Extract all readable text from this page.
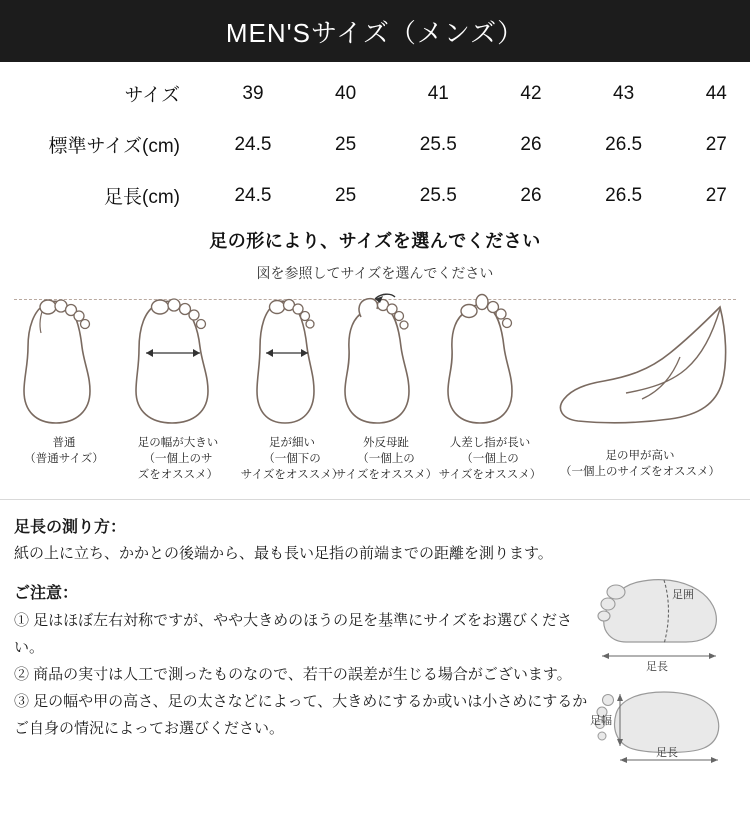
MEN'Sサイズ（メンズ）
サイズ	39	40	41	42	43	44
標準サイズ(cm)	24.5	25	25.5	26	26.5	27
足長(cm)	24.5	25	25.5	26	26.5	27
足の形により、サイズを選んでください
図を参照してサイズを選んでください
普通
（普通サイズ）
足の幅が大きい
（一個上のサ
ズをオススメ）
足が細い
（一個下の
サイズをオススメ）
外反母趾
（一個上の
サイズをオススメ）
人差し指が長い
（一個上の
サイズをオススメ）
足の甲が高い
（一個上のサイズをオススメ）
足長の測り方：

紙の上に立ち、かかとの後端から、最も長い足指の前端までの距離を測ります。

ご注意：

① 足はほぼ左右対称ですが、やや大きめのほうの足を基準にサイズをお選びください。

② 商品の実寸は人工で測ったものなので、若干の誤差が生じる場合がございます。

③ 足の幅や甲の高さ、足の太さなどによって、大きめにするか或いは小さめにするかご自身の情況によってお選びください。

足囲
足長
足幅
足長
